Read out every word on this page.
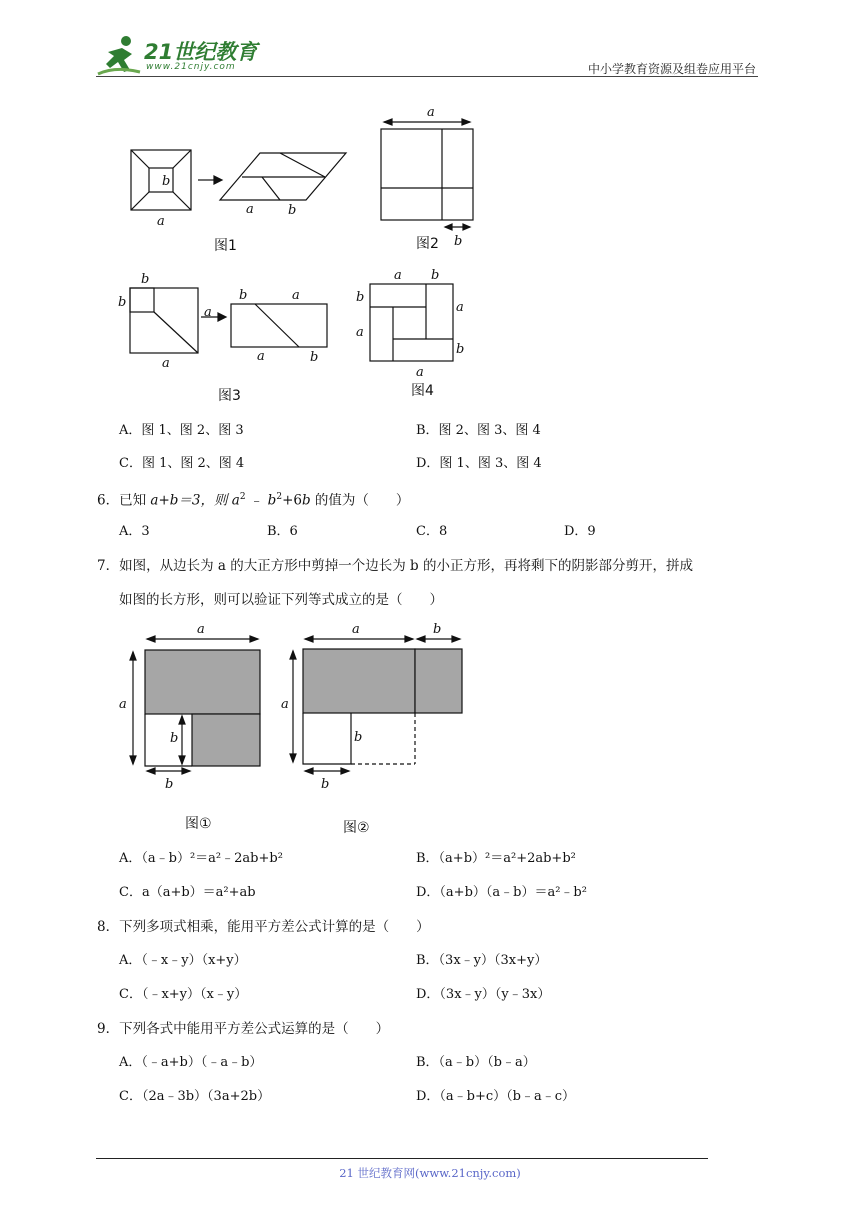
21世纪教育
www.21cnjy.com	中小学教育资源及组卷应用平台
b
a
a	b
a
b
图1	图2
b
b
a
a
b	a
a	b
a b
b
a
a
b
a
图3	图4
A．图 1、图 2、图 3	B．图 2、图 3、图 4
C．图 1、图 2、图 4	D．图 1、图 3、图 4
6．已知 a+b＝3，则 $a^2$ ﹣ $b^2+6b$ 的值为（　　）
A．3	B．6	C．8	D．9
7．如图，从边长为 a 的大正方形中剪掉一个边长为 b 的小正方形，再将剩下的阴影部分剪开，拼成
如图的长方形，则可以验证下列等式成立的是（　　）
a
a
b
b
a	b
a
b
b
图①	图②
A．（a﹣b）²＝a²﹣2ab+b²	B．（a+b）²＝a²+2ab+b²
C．a（a+b）＝a²+ab	D．（a+b）（a﹣b）＝a²﹣b²
8．下列多项式相乘，能用平方差公式计算的是（　　）
A．（﹣x﹣y）（x+y）	B．（3x﹣y）（3x+y）
C．（﹣x+y）（x﹣y）	D．（3x﹣y）（y﹣3x）
9．下列各式中能用平方差公式运算的是（　　）
A．（﹣a+b）（﹣a﹣b）	B．（a﹣b）（b﹣a）
C．（2a﹣3b）（3a+2b）	D．（a﹣b+c）（b﹣a﹣c）
21 世纪教育网(www.21cnjy.com)
